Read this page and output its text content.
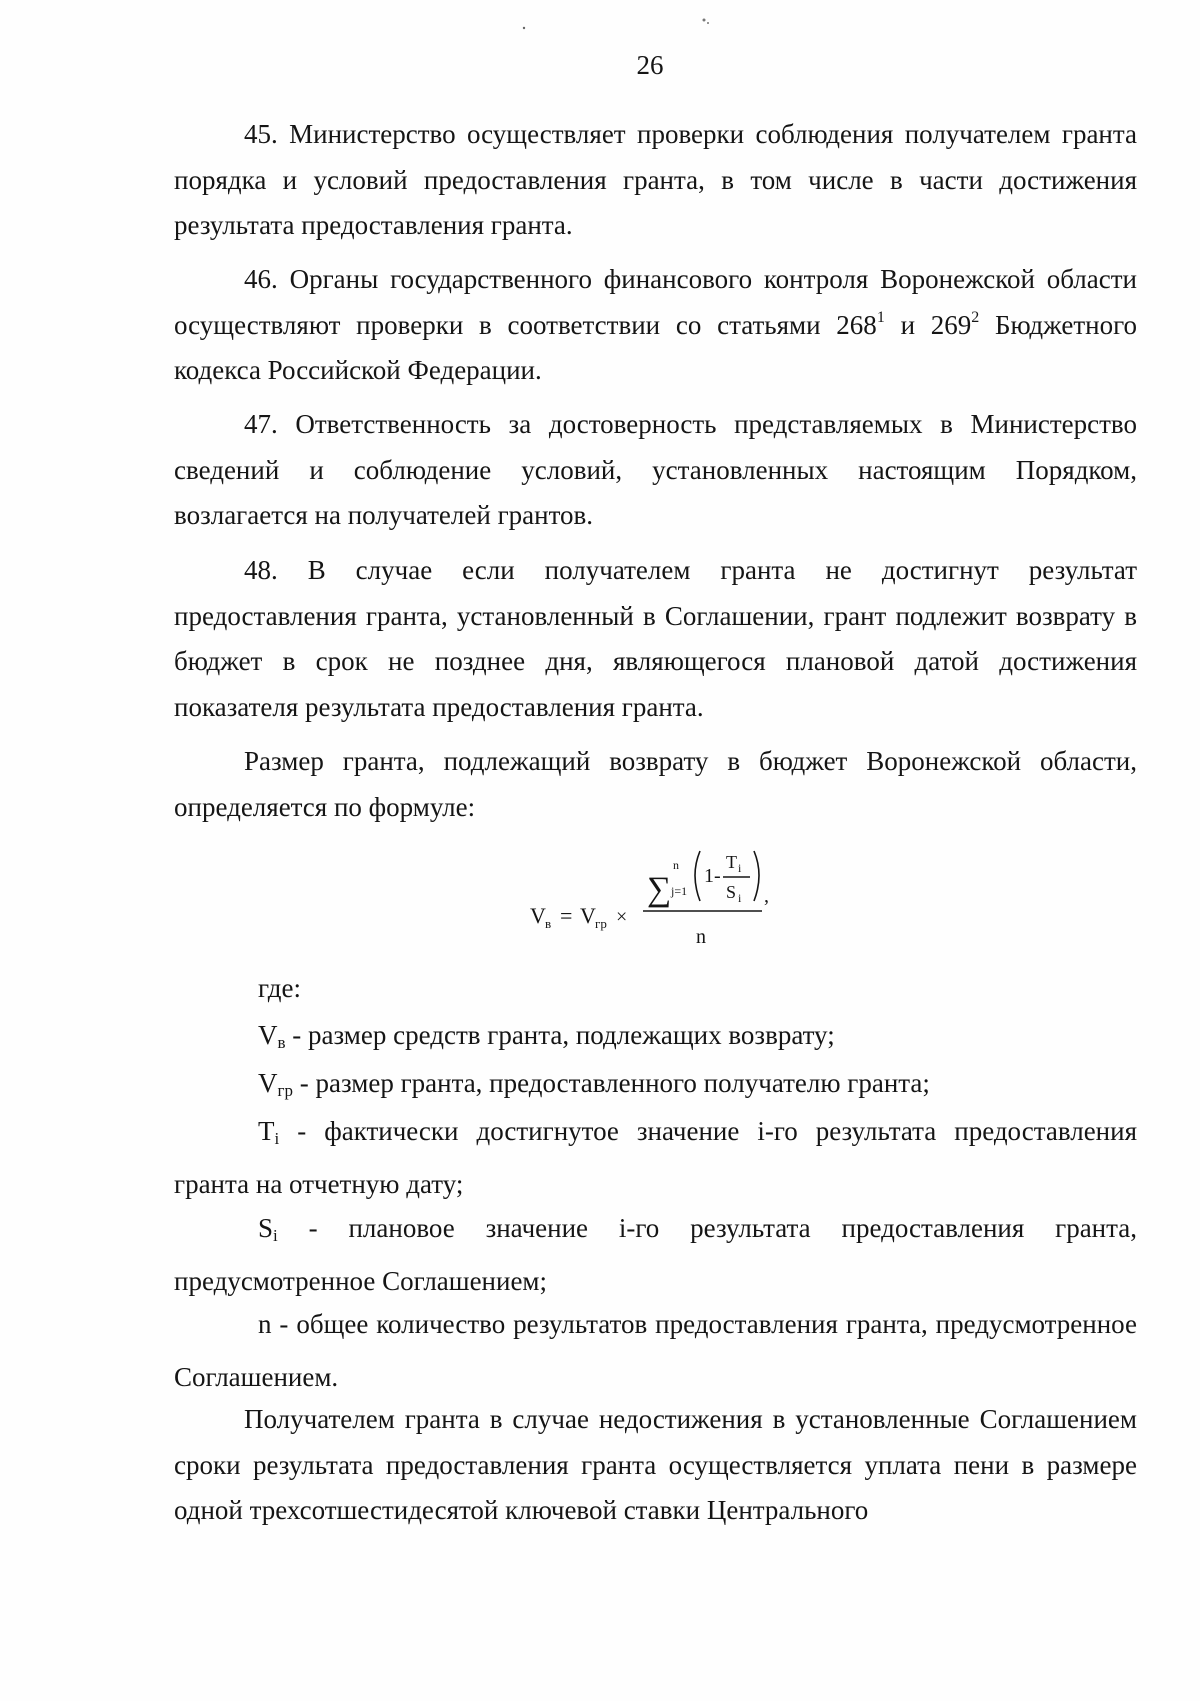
26

45. Министерство осуществляет проверки соблюдения получателем гранта порядка и условий предоставления гранта, в том числе в части достижения результата предоставления гранта.

46. Органы государственного финансового контроля Воронежской области осуществляют проверки в соответствии со статьями $268^1$ и $269^2$ Бюджетного кодекса Российской Федерации.

47. Ответственность за достоверность представляемых в Министерство сведений и соблюдение условий, установленных настоящим Порядком, возлагается на получателей грантов.

48. В случае если получателем гранта не достигнут результат предоставления гранта, установленный в Соглашении, грант подлежит возврату в бюджет в срок не позднее дня, являющегося плановой датой достижения показателя результата предоставления гранта.

Размер гранта, подлежащий возврату в бюджет Воронежской области, определяется по формуле:

V в = V гр ×
∑
n
j=1
1-
T i
S i ,
n

где:

$V_в$ - размер средств гранта, подлежащих возврату;

$V_{гр}$ - размер гранта, предоставленного получателю гранта;

$T_i$ - фактически достигнутое значение i-го результата предоставления гранта на отчетную дату;

$S_i$ - плановое значение i-го результата предоставления гранта, предусмотренное Соглашением;

n - общее количество результатов предоставления гранта, предусмотренное Соглашением.

Получателем гранта в случае недостижения в установленные Соглашением сроки результата предоставления гранта осуществляется уплата пени в размере одной трехсотшестидесятой ключевой ставки Центрального
